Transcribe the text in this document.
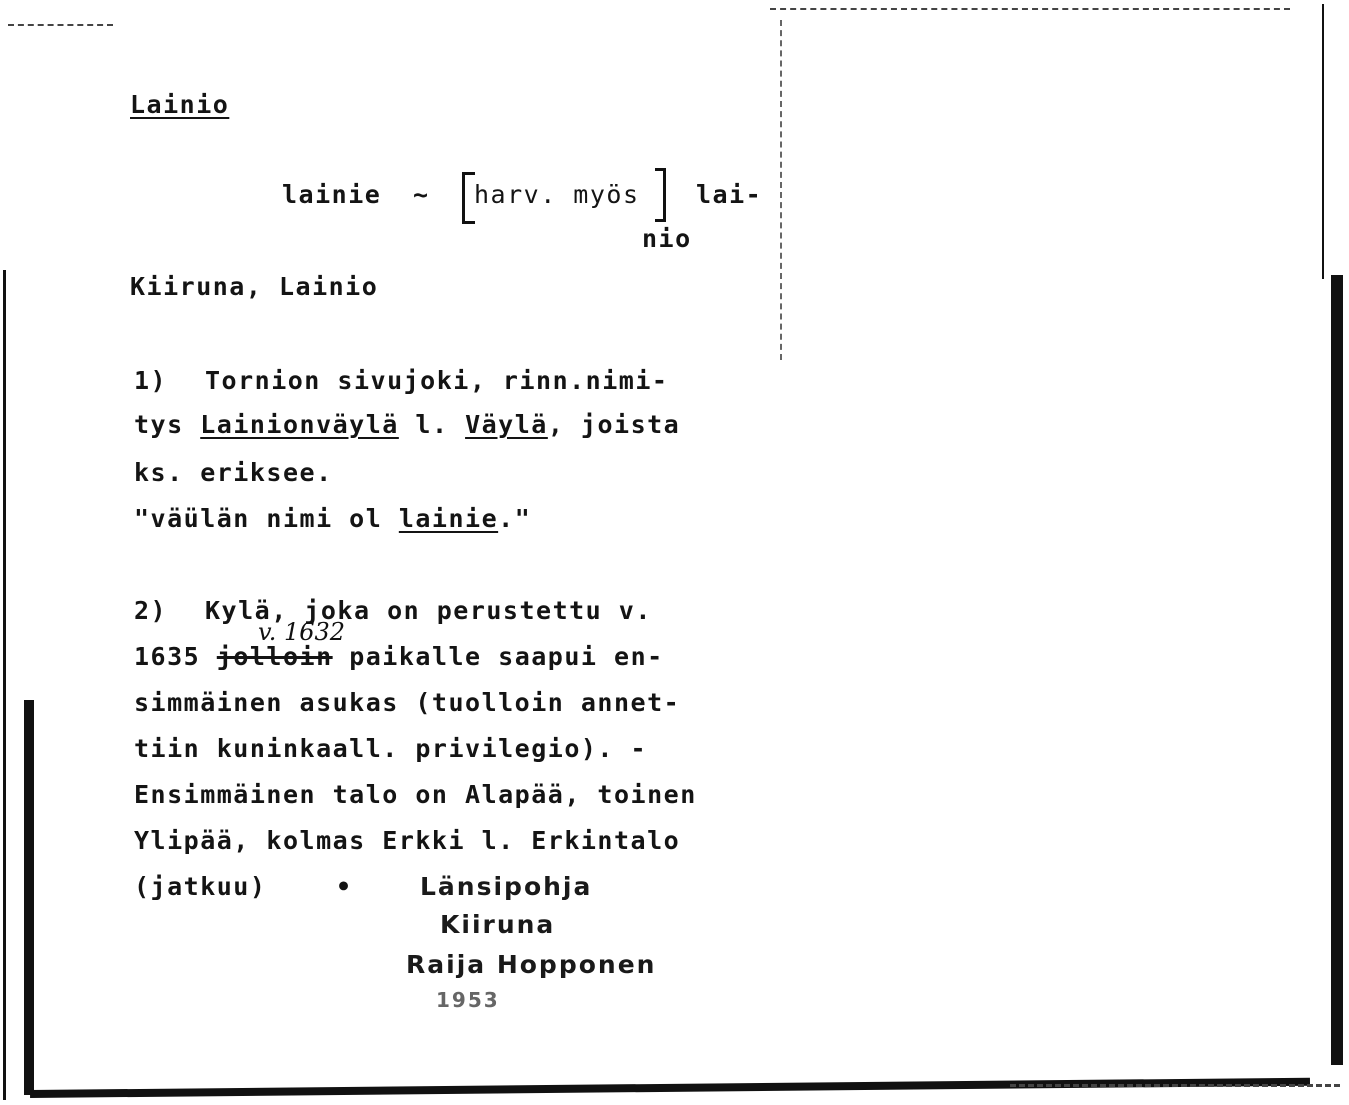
Lainio
lainie ~ harv. myös lai-
nio
Kiiruna, Lainio
1) Tornion sivujoki, rinn.nimi-
tys Lainionväylä l. Väylä, joista
ks. eriksee.
"väülän nimi ol lainie."
2) Kylä, joka on perustettu v.
v. 1632
1635 jolloin paikalle saapui en-
simmäinen asukas (tuolloin annet-
tiin kuninkaall. privilegio). -
Ensimmäinen talo on Alapää, toinen
Ylipää, kolmas Erkki l. Erkintalo
(jatkuu)	•	Länsipohja
Kiiruna
Raija Hopponen
1953
